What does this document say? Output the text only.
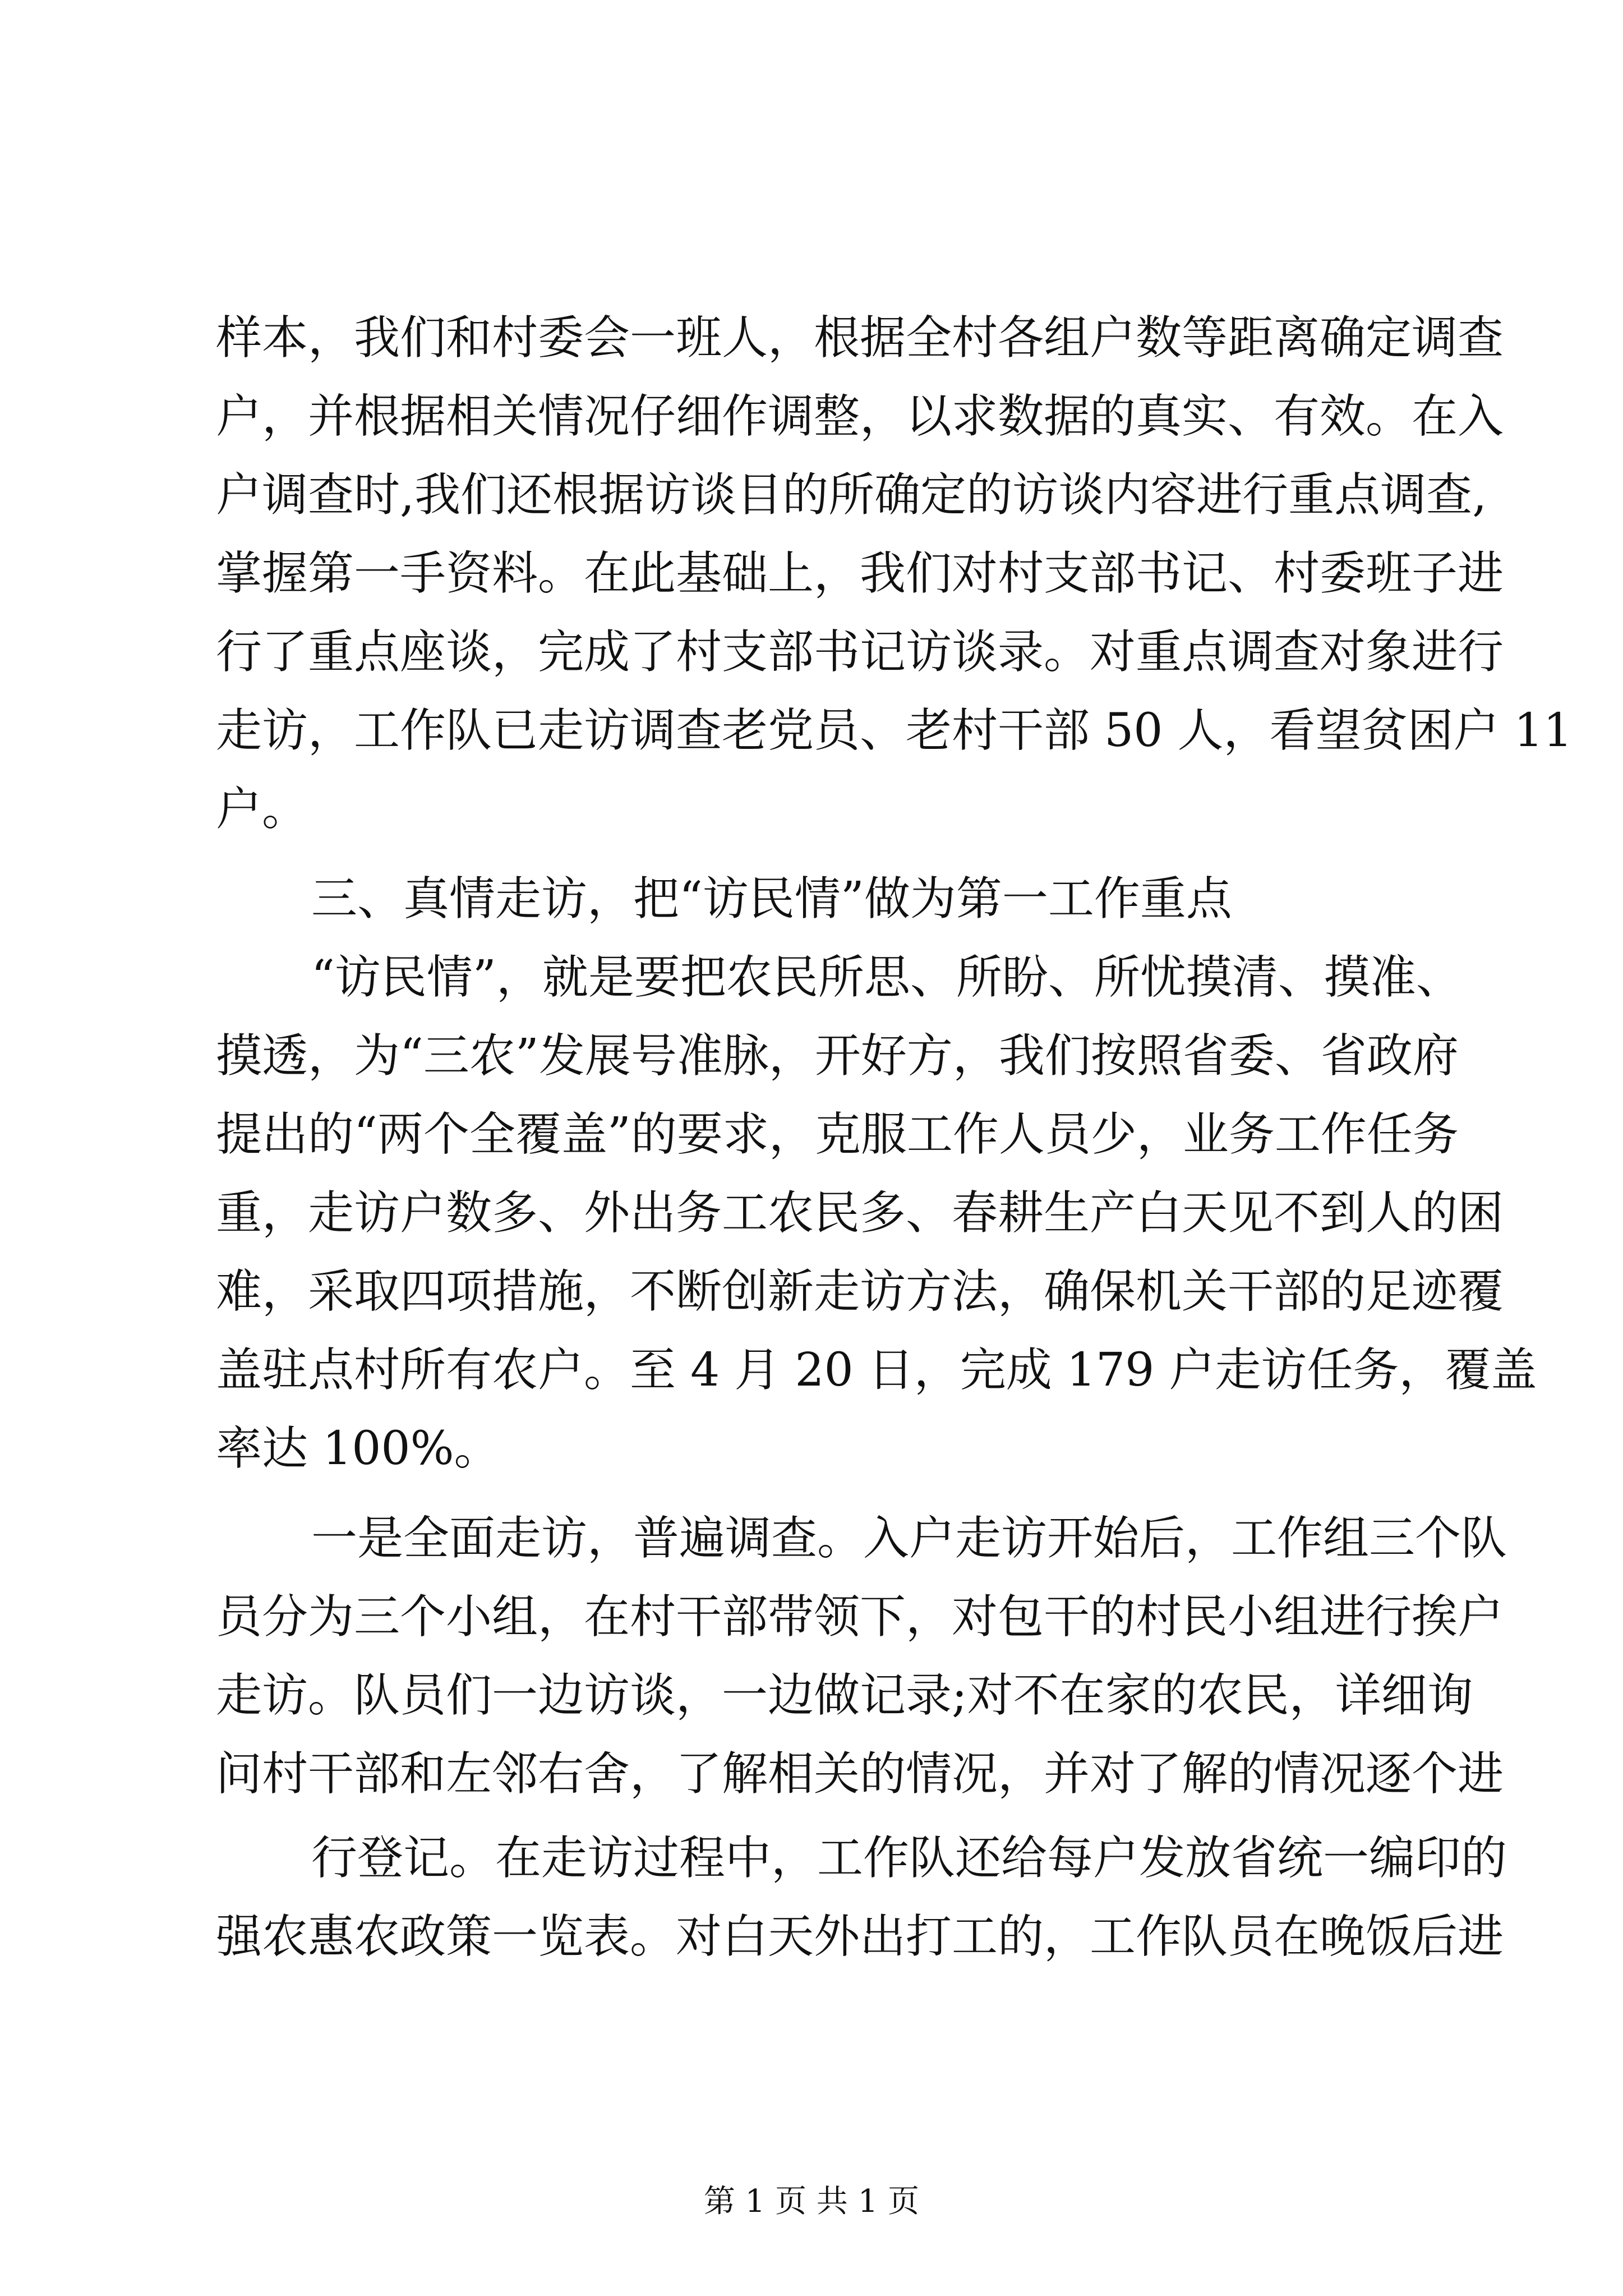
样本，我们和村委会一班人，根据全村各组户数等距离确定调查
户，并根据相关情况仔细作调整，以求数据的真实、有效。在入
户调查时,我们还根据访谈目的所确定的访谈内容进行重点调查,
掌握第一手资料。在此基础上，我们对村支部书记、村委班子进
行了重点座谈，完成了村支部书记访谈录。对重点调查对象进行
走访，工作队已走访调查老党员、老村干部 50 人，看望贫困户 11
户。
三、真情走访，把“访民情”做为第一工作重点
“访民情”，就是要把农民所思、所盼、所忧摸清、摸准、
摸透，为“三农”发展号准脉，开好方，我们按照省委、省政府
提出的“两个全覆盖”的要求，克服工作人员少，业务工作任务
重，走访户数多、外出务工农民多、春耕生产白天见不到人的困
难，采取四项措施，不断创新走访方法，确保机关干部的足迹覆
盖驻点村所有农户。至 4 月 20 日，完成 179 户走访任务，覆盖
率达 100%。
一是全面走访，普遍调查。入户走访开始后，工作组三个队
员分为三个小组，在村干部带领下，对包干的村民小组进行挨户
走访。队员们一边访谈，一边做记录;对不在家的农民，详细询
问村干部和左邻右舍，了解相关的情况，并对了解的情况逐个进
行登记。在走访过程中，工作队还给每户发放省统一编印的
强农惠农政策一览表。对白天外出打工的，工作队员在晚饭后进
第 1 页 共 1 页
